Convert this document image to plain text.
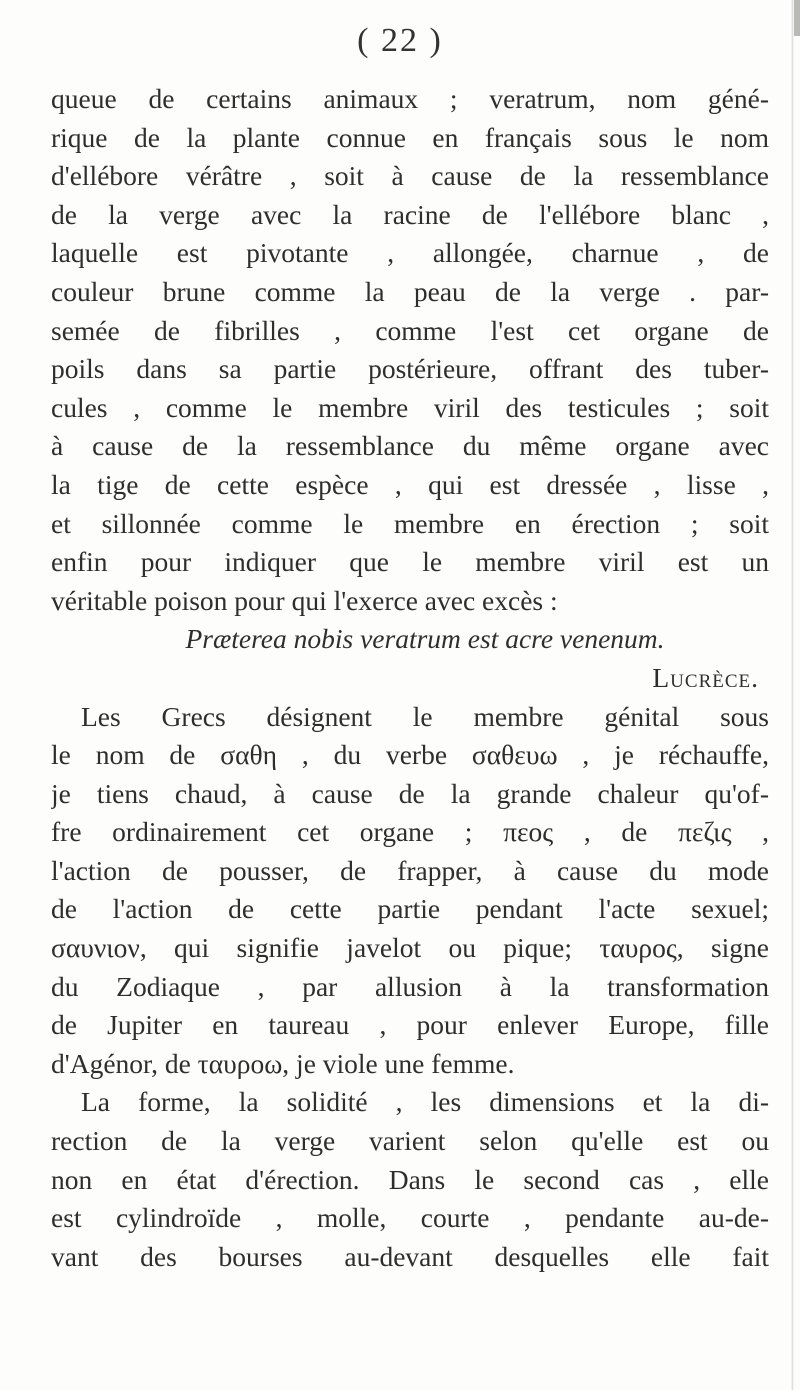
( 22 )
queue de certains animaux ; veratrum, nom géné-
rique de la plante connue en français sous le nom
d'ellébore vérâtre , soit à cause de la ressemblance
de la verge avec la racine de l'ellébore blanc ,
laquelle est pivotante , allongée, charnue , de
couleur brune comme la peau de la verge . par-
semée de fibrilles , comme l'est cet organe de
poils dans sa partie postérieure, offrant des tuber-
cules , comme le membre viril des testicules ; soit
à cause de la ressemblance du même organe avec
la tige de cette espèce , qui est dressée , lisse ,
et sillonnée comme le membre en érection ; soit
enfin pour indiquer que le membre viril est un
véritable poison pour qui l'exerce avec excès :
Præterea nobis veratrum est acre venenum.
Lucrèce.
Les Grecs désignent le membre génital sous
le nom de σαθη , du verbe σαθευω , je réchauffe,
je tiens chaud, à cause de la grande chaleur qu'of-
fre ordinairement cet organe ; πεος , de πεζις ,
l'action de pousser, de frapper, à cause du mode
de l'action de cette partie pendant l'acte sexuel;
σαυνιον, qui signifie javelot ou pique; ταυρος, signe
du Zodiaque , par allusion à la transformation
de Jupiter en taureau , pour enlever Europe, fille
d'Agénor, de ταυροω, je viole une femme.
La forme, la solidité , les dimensions et la di-
rection de la verge varient selon qu'elle est ou
non en état d'érection. Dans le second cas , elle
est cylindroïde , molle, courte , pendante au-de-
vant des bourses au-devant desquelles elle fait
